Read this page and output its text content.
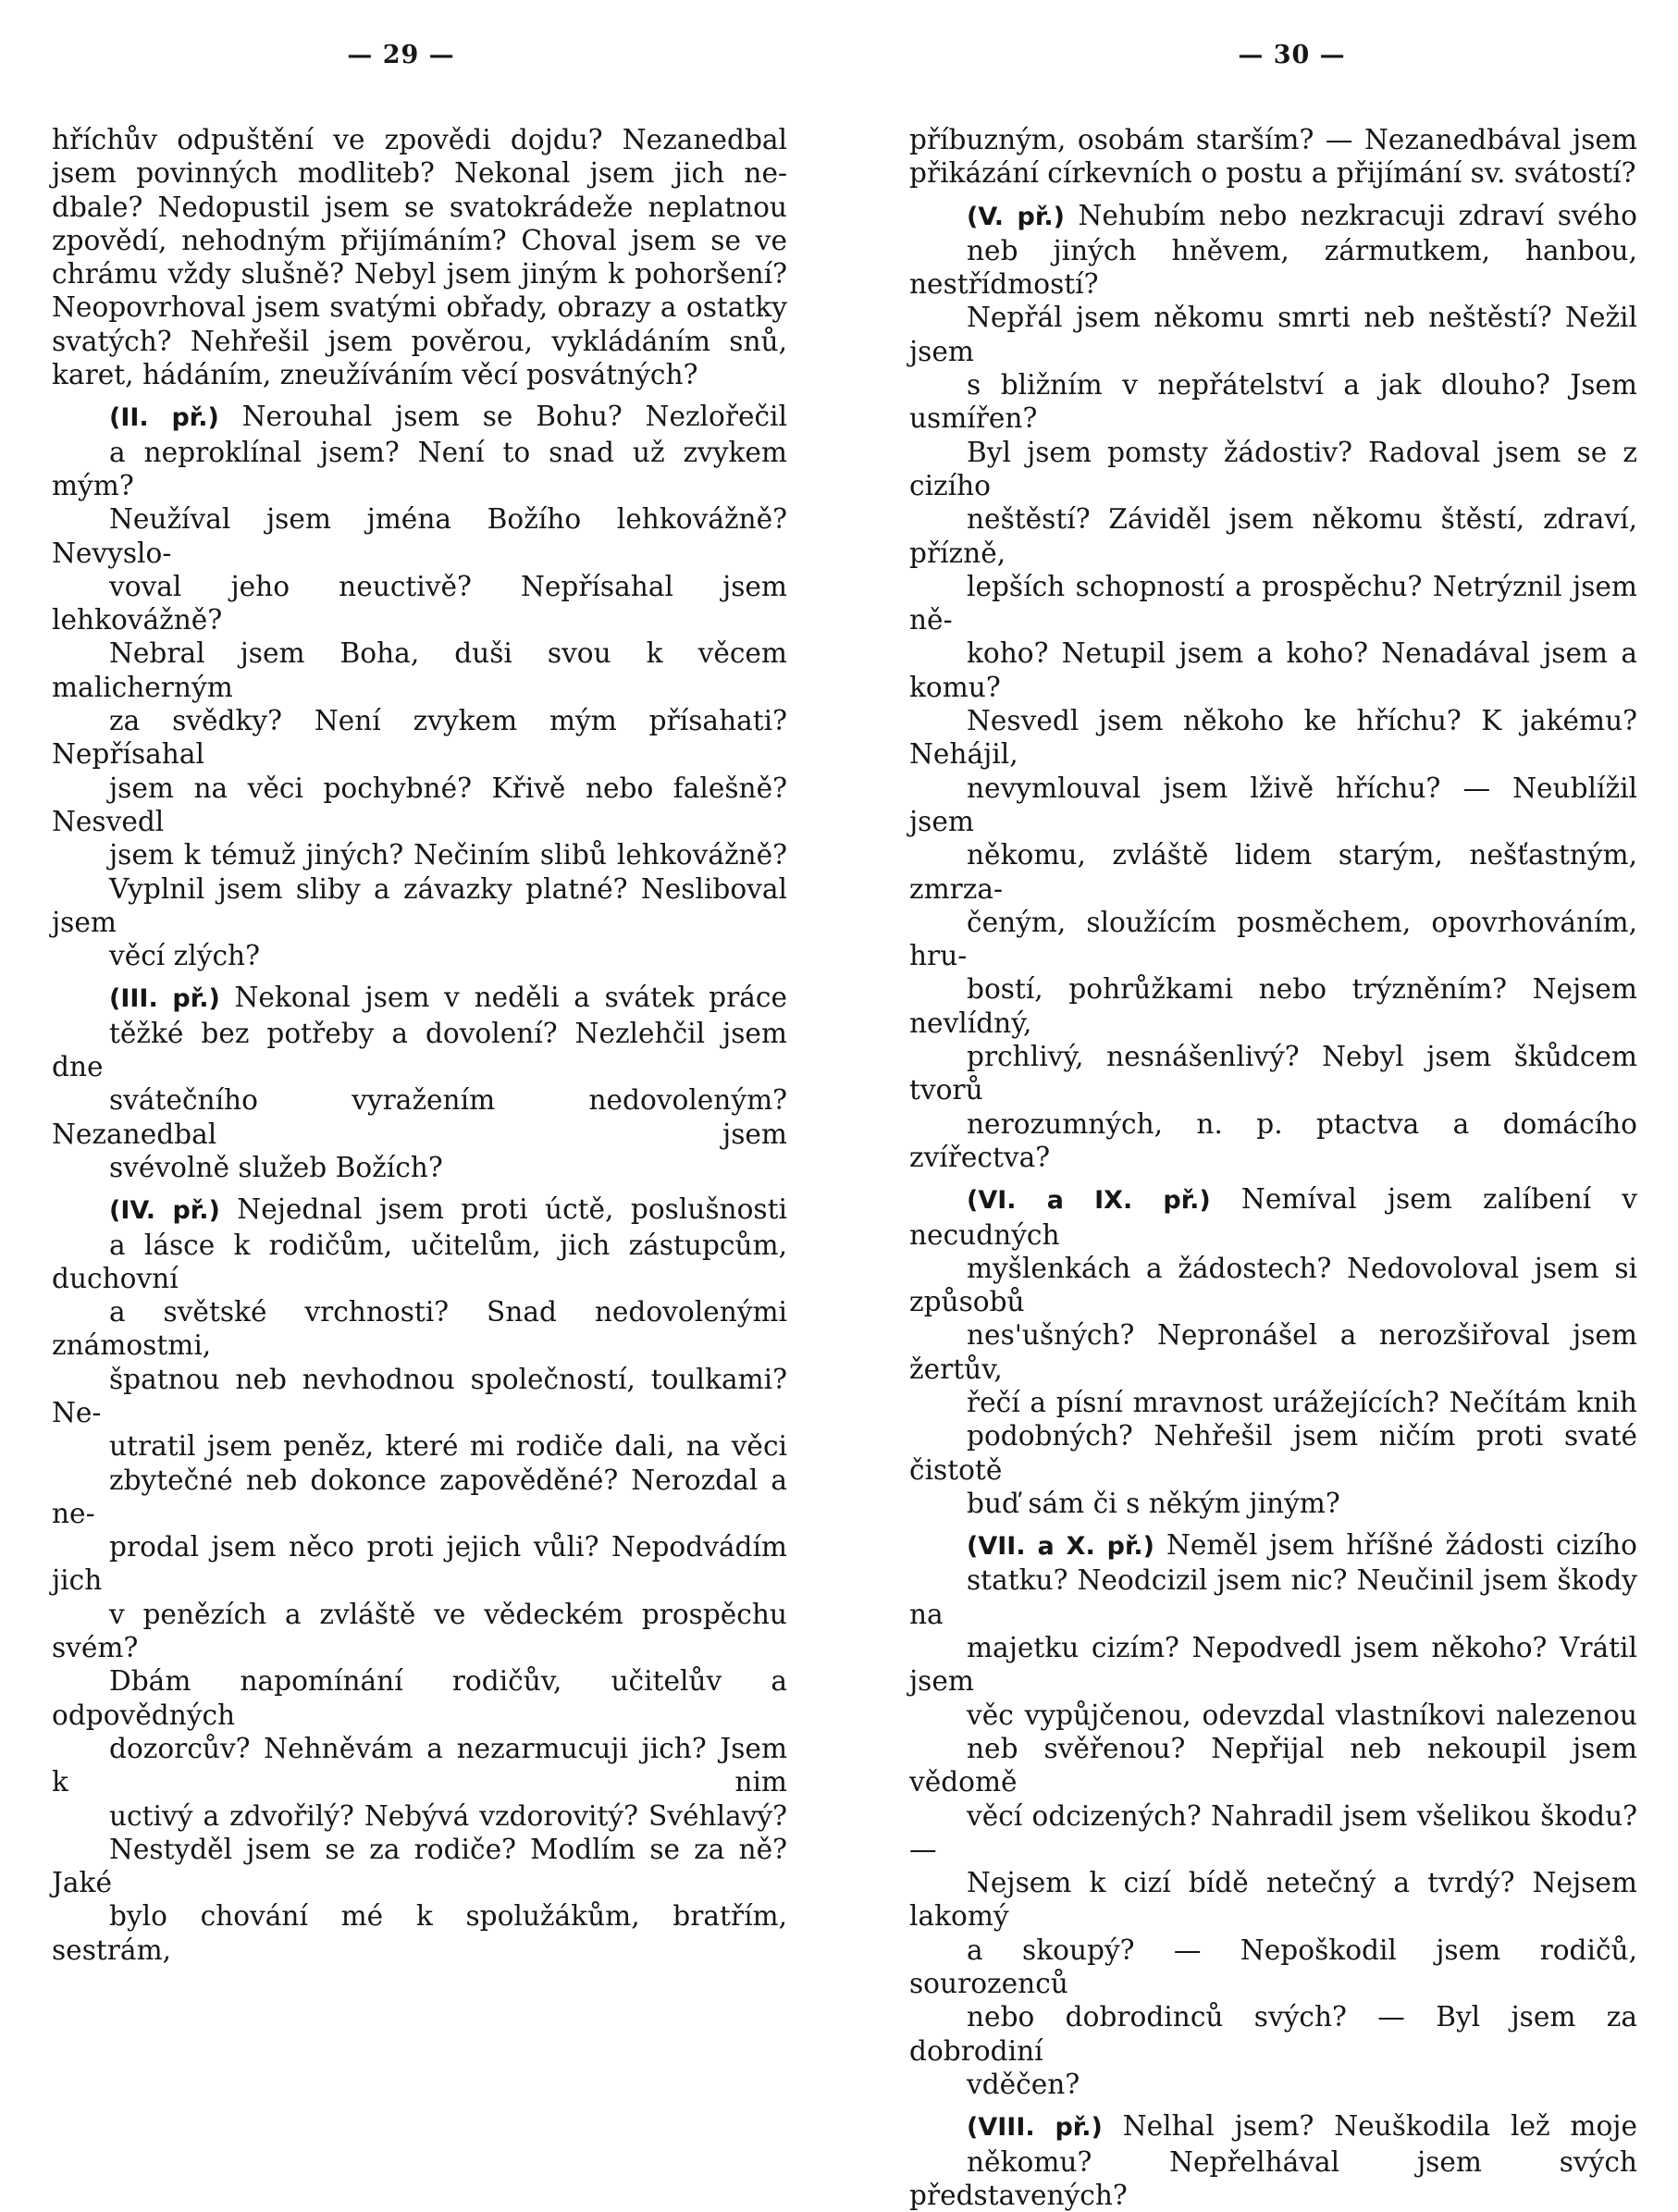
— 29 —
hříchův odpuštění ve zpovědi dojdu? Nezanedbal
jsem povinných modliteb? Nekonal jsem jich ne-
dbale? Nedopustil jsem se svatokrádeže neplatnou
zpovědí, nehodným přijímáním? Choval jsem se ve
chrámu vždy slušně? Nebyl jsem jiným k pohoršení?
Neopovrhoval jsem svatými obřady, obrazy a ostatky
svatých? Nehřešil jsem pověrou, vykládáním snů,
karet, hádáním, zneužíváním věcí posvátných?
(II. př.) Nerouhal jsem se Bohu? Nezlořečil
a neproklínal jsem? Není to snad už zvykem mým?
Neužíval jsem jména Božího lehkovážně? Nevyslo-
voval jeho neuctivě? Nepřísahal jsem lehkovážně?
Nebral jsem Boha, duši svou k věcem malicherným
za svědky? Není zvykem mým přísahati? Nepřísahal
jsem na věci pochybné? Křivě nebo falešně? Nesvedl
jsem k témuž jiných? Nečiním slibů lehkovážně?
Vyplnil jsem sliby a závazky platné? Nesliboval jsem
věcí zlých?
(III. př.) Nekonal jsem v neděli a svátek práce
těžké bez potřeby a dovolení? Nezlehčil jsem dne
svátečního vyražením nedovoleným? Nezanedbal jsem
svévolně služeb Božích?
(IV. př.) Nejednal jsem proti úctě, poslušnosti
a lásce k rodičům, učitelům, jich zástupcům, duchovní
a světské vrchnosti? Snad nedovolenými známostmi,
špatnou neb nevhodnou společností, toulkami? Ne-
utratil jsem peněz, které mi rodiče dali, na věci
zbytečné neb dokonce zapověděné? Nerozdal a ne-
prodal jsem něco proti jejich vůli? Nepodvádím jich
v penězích a zvláště ve vědeckém prospěchu svém?
Dbám napomínání rodičův, učitelův a odpovědných
dozorcův? Nehněvám a nezarmucuji jich? Jsem k nim
uctivý a zdvořilý? Nebývá vzdorovitý? Svéhlavý?
Nestyděl jsem se za rodiče? Modlím se za ně? Jaké
bylo chování mé k spolužákům, bratřím, sestrám,
— 30 —
příbuzným, osobám starším? — Nezanedbával jsem
přikázání církevních o postu a přijímání sv. svátostí?
(V. př.) Nehubím nebo nezkracuji zdraví svého
neb jiných hněvem, zármutkem, hanbou, nestřídmostí?
Nepřál jsem někomu smrti neb neštěstí? Nežil jsem
s bližním v nepřátelství a jak dlouho? Jsem usmířen?
Byl jsem pomsty žádostiv? Radoval jsem se z cizího
neštěstí? Záviděl jsem někomu štěstí, zdraví, přízně,
lepších schopností a prospěchu? Netrýznil jsem ně-
koho? Netupil jsem a koho? Nenadával jsem a komu?
Nesvedl jsem někoho ke hříchu? K jakému? Nehájil,
nevymlouval jsem lživě hříchu? — Neublížil jsem
někomu, zvláště lidem starým, nešťastným, zmrza-
čeným, sloužícím posměchem, opovrhováním, hru-
bostí, pohrůžkami nebo trýzněním? Nejsem nevlídný,
prchlivý, nesnášenlivý? Nebyl jsem škůdcem tvorů
nerozumných, n. p. ptactva a domácího zvířectva?
(VI. a IX. př.) Nemíval jsem zalíbení v necudných
myšlenkách a žádostech? Nedovoloval jsem si způsobů
nes'ušných? Nepronášel a nerozšiřoval jsem žertův,
řečí a písní mravnost urážejících? Nečítám knih
podobných? Nehřešil jsem ničím proti svaté čistotě
buď sám či s někým jiným?
(VII. a X. př.) Neměl jsem hříšné žádosti cizího
statku? Neodcizil jsem nic? Neučinil jsem škody na
majetku cizím? Nepodvedl jsem někoho? Vrátil jsem
věc vypůjčenou, odevzdal vlastníkovi nalezenou
neb svěřenou? Nepřijal neb nekoupil jsem vědomě
věcí odcizených? Nahradil jsem všelikou škodu? —
Nejsem k cizí bídě netečný a tvrdý? Nejsem lakomý
a skoupý? — Nepoškodil jsem rodičů, sourozenců
nebo dobrodinců svých? — Byl jsem za dobrodiní
vděčen?
(VIII. př.) Nelhal jsem? Neuškodila lež moje
někomu? Nepřelhával jsem svých představených?
